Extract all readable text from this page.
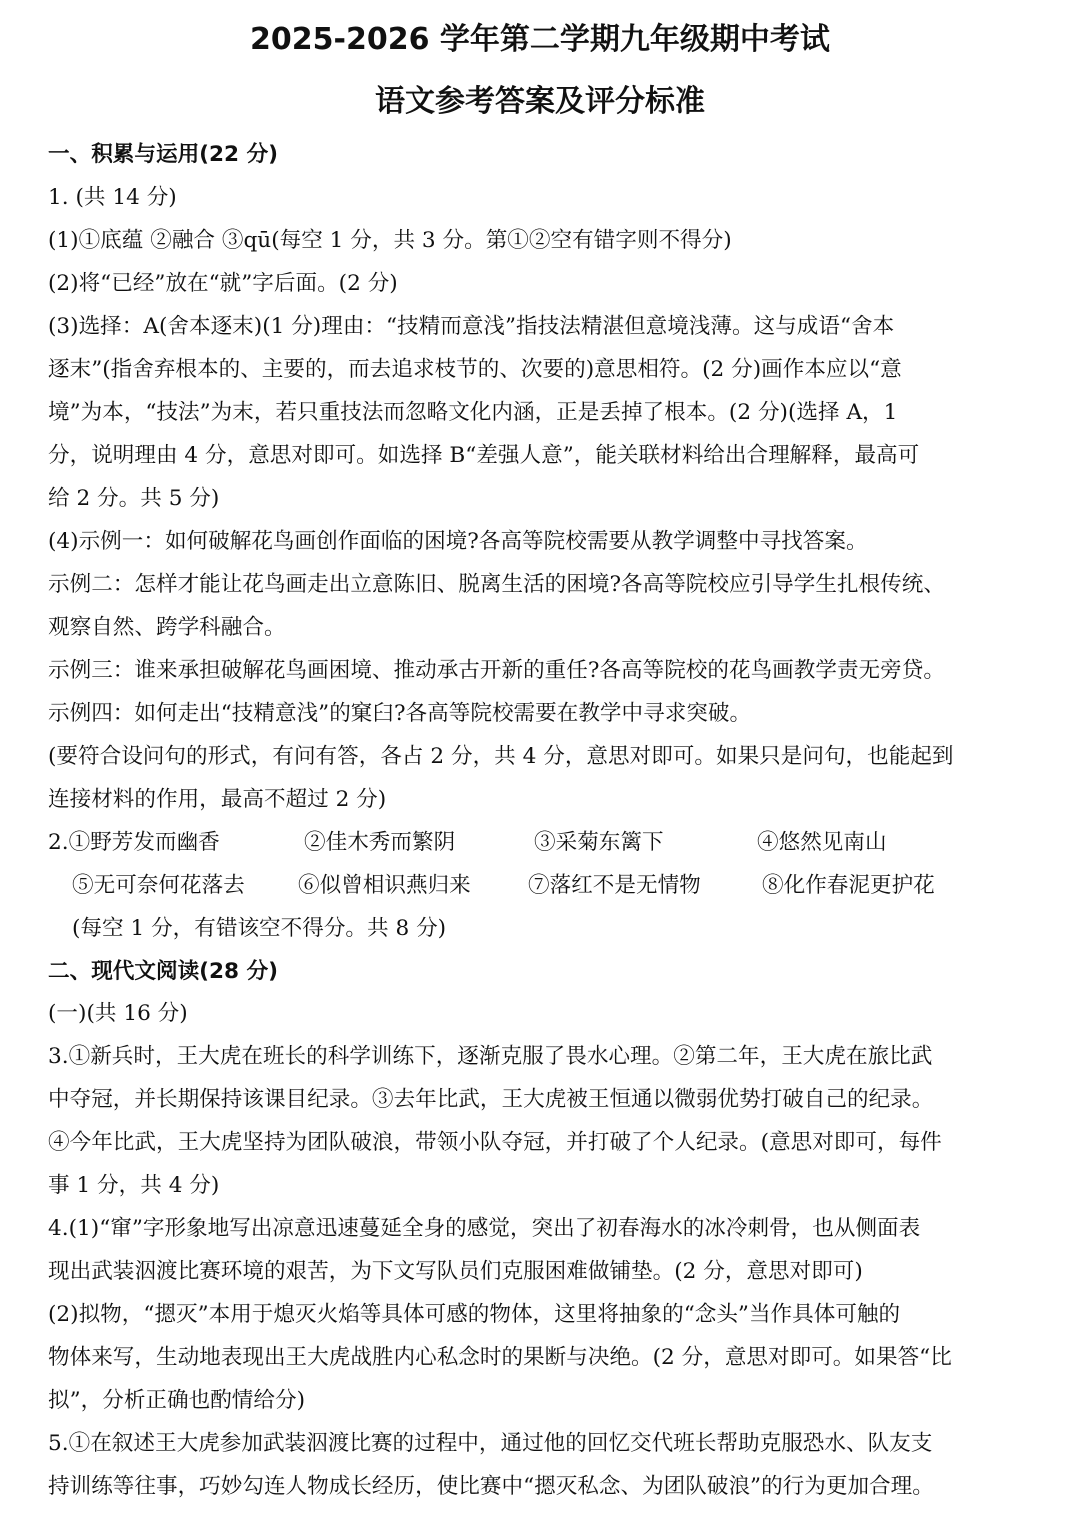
2025-2026 学年第二学期九年级期中考试
语文参考答案及评分标准
一、积累与运用(22 分)
1. (共 14 分)
(1)①底蕴 ②融合 ③qū(每空 1 分，共 3 分。第①②空有错字则不得分)
(2)将“已经”放在“就”字后面。(2 分)
(3)选择：A(舍本逐末)(1 分)理由：“技精而意浅”指技法精湛但意境浅薄。这与成语“舍本
逐末”(指舍弃根本的、主要的，而去追求枝节的、次要的)意思相符。(2 分)画作本应以“意
境”为本，“技法”为末，若只重技法而忽略文化内涵，正是丢掉了根本。(2 分)(选择 A，1
分，说明理由 4 分，意思对即可。如选择 B“差强人意”，能关联材料给出合理解释，最高可
给 2 分。共 5 分)
(4)示例一：如何破解花鸟画创作面临的困境?各高等院校需要从教学调整中寻找答案。
示例二：怎样才能让花鸟画走出立意陈旧、脱离生活的困境?各高等院校应引导学生扎根传统、
观察自然、跨学科融合。
示例三：谁来承担破解花鸟画困境、推动承古开新的重任?各高等院校的花鸟画教学责无旁贷。
示例四：如何走出“技精意浅”的窠臼?各高等院校需要在教学中寻求突破。
(要符合设问句的形式，有问有答，各占 2 分，共 4 分，意思对即可。如果只是问句，也能起到
连接材料的作用，最高不超过 2 分)
2.①野芳发而幽香	②佳木秀而繁阴	③采菊东篱下	④悠然见南山
⑤无可奈何花落去 ⑥似曾相识燕归来	⑦落红不是无情物	⑧化作春泥更护花
(每空 1 分，有错该空不得分。共 8 分)
二、现代文阅读(28 分)
(一)(共 16 分)
3.①新兵时，王大虎在班长的科学训练下，逐渐克服了畏水心理。②第二年，王大虎在旅比武
中夺冠，并长期保持该课目纪录。③去年比武，王大虎被王恒通以微弱优势打破自己的纪录。
④今年比武，王大虎坚持为团队破浪，带领小队夺冠，并打破了个人纪录。(意思对即可，每件
事 1 分，共 4 分)
4.(1)“窜”字形象地写出凉意迅速蔓延全身的感觉，突出了初春海水的冰冷刺骨，也从侧面表
现出武装泅渡比赛环境的艰苦，为下文写队员们克服困难做铺垫。(2 分，意思对即可)
(2)拟物，“摁灭”本用于熄灭火焰等具体可感的物体，这里将抽象的“念头”当作具体可触的
物体来写，生动地表现出王大虎战胜内心私念时的果断与决绝。(2 分，意思对即可。如果答“比
拟”，分析正确也酌情给分)
5.①在叙述王大虎参加武装泅渡比赛的过程中，通过他的回忆交代班长帮助克服恐水、队友支
持训练等往事，巧妙勾连人物成长经历，使比赛中“摁灭私念、为团队破浪”的行为更加合理。
